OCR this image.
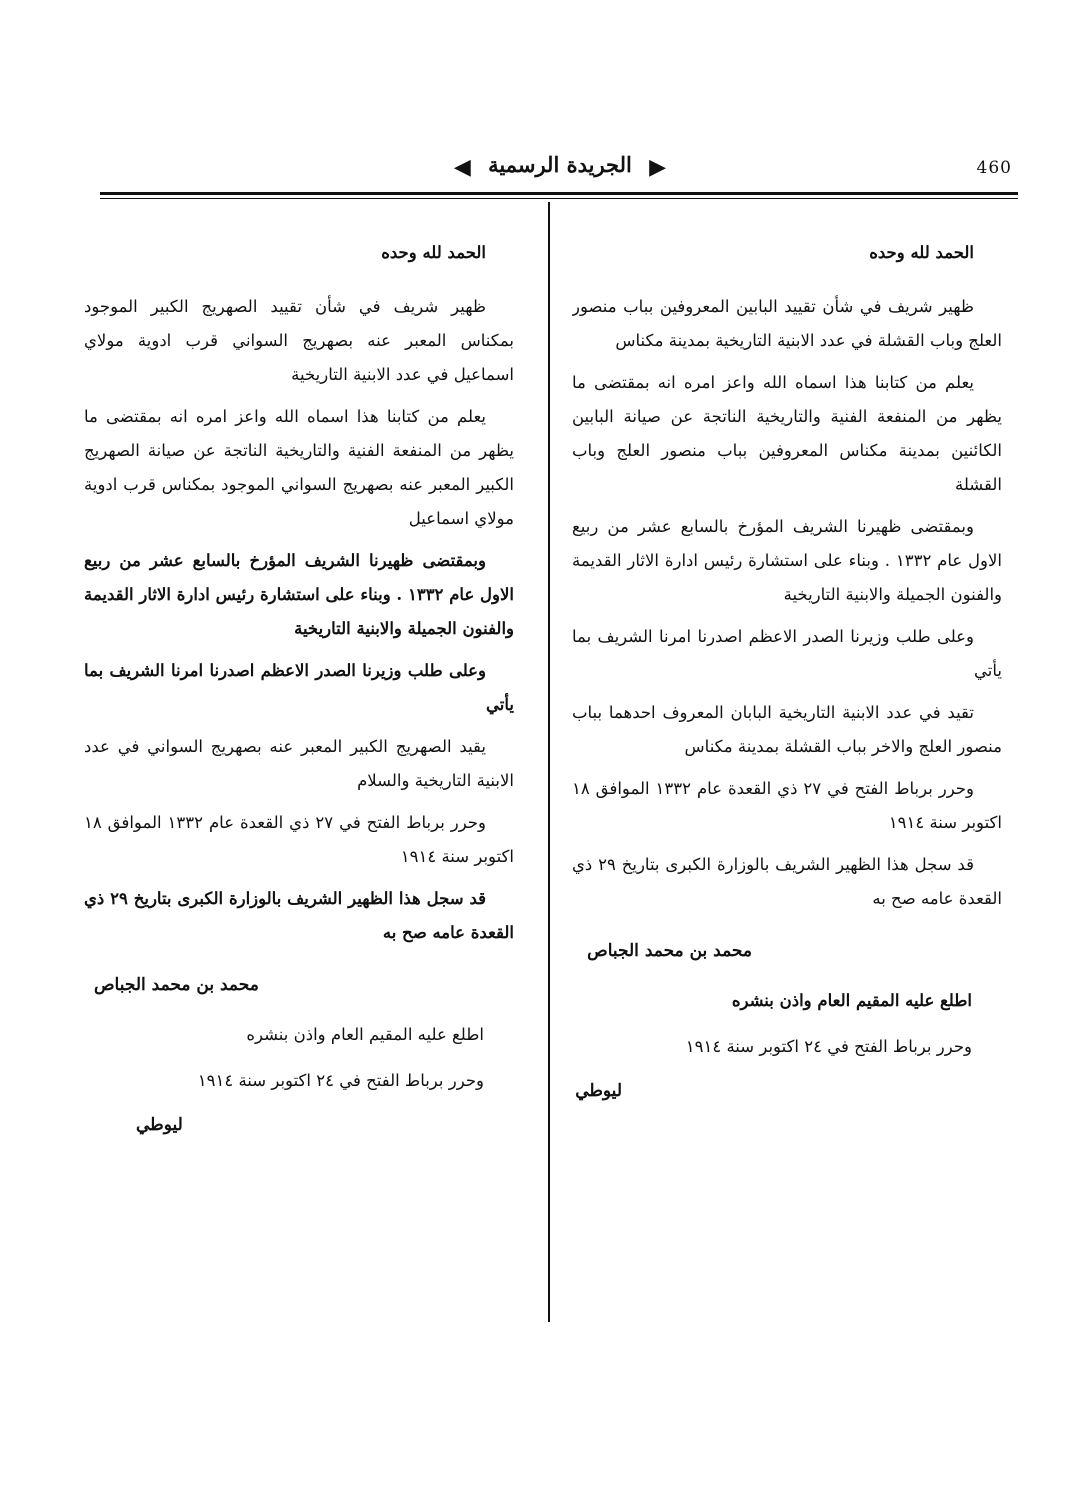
▶ الجريدة الرسمية ◀	460
الحمد لله وحده

ظهير شريف في شأن تقييد البابين المعروفين بباب منصور العلج وباب القشلة في عدد الابنية التاريخية بمدينة مكناس

يعلم من كتابنا هذا اسماه الله واعز امره انه بمقتضى ما يظهر من المنفعة الفنية والتاريخية الناتجة عن صيانة البابين الكائنين بمدينة مكناس المعروفين بباب منصور العلج وباب القشلة

وبمقتضى ظهيرنا الشريف المؤرخ بالسابع عشر من ربيع الاول عام ١٣٣٢ . وبناء على استشارة رئيس ادارة الاثار القديمة والفنون الجميلة والابنية التاريخية

وعلى طلب وزيرنا الصدر الاعظم اصدرنا امرنا الشريف بما يأتي

تقيد في عدد الابنية التاريخية البابان المعروف احدهما بباب منصور العلج والاخر بباب القشلة بمدينة مكناس

وحرر برباط الفتح في ٢٧ ذي القعدة عام ١٣٣٢ الموافق ١٨ اكتوبر سنة ١٩١٤

قد سجل هذا الظهير الشريف بالوزارة الكبرى بتاريخ ٢٩ ذي القعدة عامه صح به

محمد بن محمد الجباص
اطلع عليه المقيم العام واذن بنشره
وحرر برباط الفتح في ٢٤ اكتوبر سنة ١٩١٤
ليوطي
الحمد لله وحده

ظهير شريف في شأن تقييد الصهريج الكبير الموجود بمكناس المعبر عنه بصهريج السواني قرب ادوية مولاي اسماعيل في عدد الابنية التاريخية

يعلم من كتابنا هذا اسماه الله واعز امره انه بمقتضى ما يظهر من المنفعة الفنية والتاريخية الناتجة عن صيانة الصهريج الكبير المعبر عنه بصهريج السواني الموجود بمكناس قرب ادوية مولاي اسماعيل

وبمقتضى ظهيرنا الشريف المؤرخ بالسابع عشر من ربيع الاول عام ١٣٣٢ . وبناء على استشارة رئيس ادارة الاثار القديمة والفنون الجميلة والابنية التاريخية

وعلى طلب وزيرنا الصدر الاعظم اصدرنا امرنا الشريف بما يأتي

يقيد الصهريج الكبير المعبر عنه بصهريج السواني في عدد الابنية التاريخية والسلام

وحرر برباط الفتح في ٢٧ ذي القعدة عام ١٣٣٢ الموافق ١٨ اكتوبر سنة ١٩١٤

قد سجل هذا الظهير الشريف بالوزارة الكبرى بتاريخ ٢٩ ذي القعدة عامه صح به

محمد بن محمد الجباص
اطلع عليه المقيم العام واذن بنشره
وحرر برباط الفتح في ٢٤ اكتوبر سنة ١٩١٤
ليوطي
